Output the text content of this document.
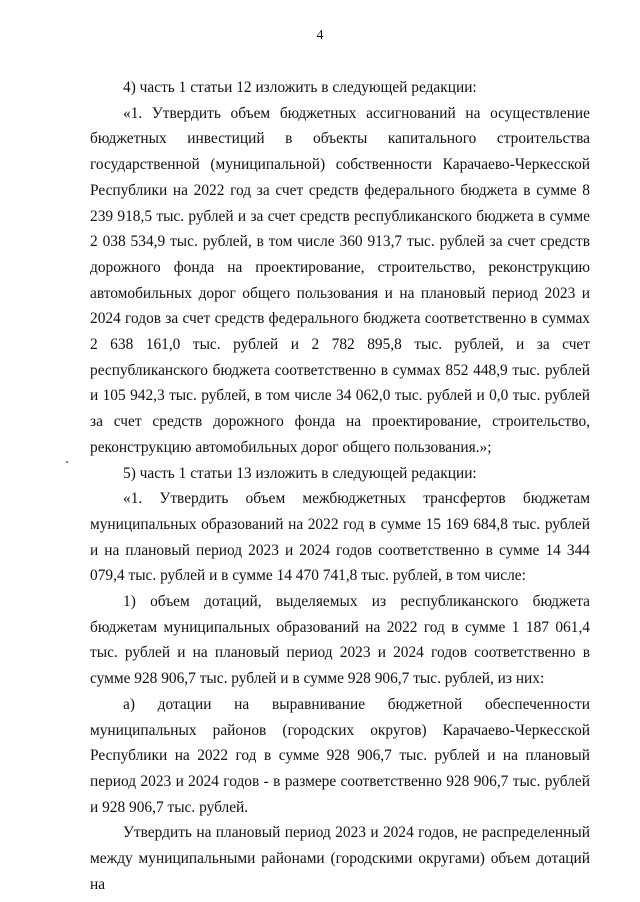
4

4) часть 1 статьи 12 изложить в следующей редакции:

«1. Утвердить объем бюджетных ассигнований на осуществление бюджетных инвестиций в объекты капитального строительства государственной (муниципальной) собственности Карачаево-Черкесской Республики на 2022 год за счет средств федерального бюджета в сумме 8 239 918,5 тыс. рублей и за счет средств республиканского бюджета в сумме 2 038 534,9 тыс. рублей, в том числе 360 913,7 тыс. рублей за счет средств дорожного фонда на проектирование, строительство, реконструкцию автомобильных дорог общего пользования и на плановый период 2023 и 2024 годов за счет средств федерального бюджета соответственно в суммах 2 638 161,0 тыс. рублей и 2 782 895,8 тыс. рублей, и за счет республиканского бюджета соответственно в суммах 852 448,9 тыс. рублей и 105 942,3 тыс. рублей, в том числе 34 062,0 тыс. рублей и 0,0 тыс. рублей за счет средств дорожного фонда на проектирование, строительство, реконструкцию автомобильных дорог общего пользования.»;

5) часть 1 статьи 13 изложить в следующей редакции:

«1. Утвердить объем межбюджетных трансфертов бюджетам муниципальных образований на 2022 год в сумме 15 169 684,8 тыс. рублей и на плановый период 2023 и 2024 годов соответственно в сумме 14 344 079,4 тыс. рублей и в сумме 14 470 741,8 тыс. рублей, в том числе:

1) объем дотаций, выделяемых из республиканского бюджета бюджетам муниципальных образований на 2022 год в сумме 1 187 061,4 тыс. рублей и на плановый период 2023 и 2024 годов соответственно в сумме 928 906,7 тыс. рублей и в сумме 928 906,7 тыс. рублей, из них:

а) дотации на выравнивание бюджетной обеспеченности муниципальных районов (городских округов) Карачаево-Черкесской Республики на 2022 год в сумме 928 906,7 тыс. рублей и на плановый период 2023 и 2024 годов - в размере соответственно 928 906,7 тыс. рублей и 928 906,7 тыс. рублей.

Утвердить на плановый период 2023 и 2024 годов, не распределенный между муниципальными районами (городскими округами) объем дотаций на
